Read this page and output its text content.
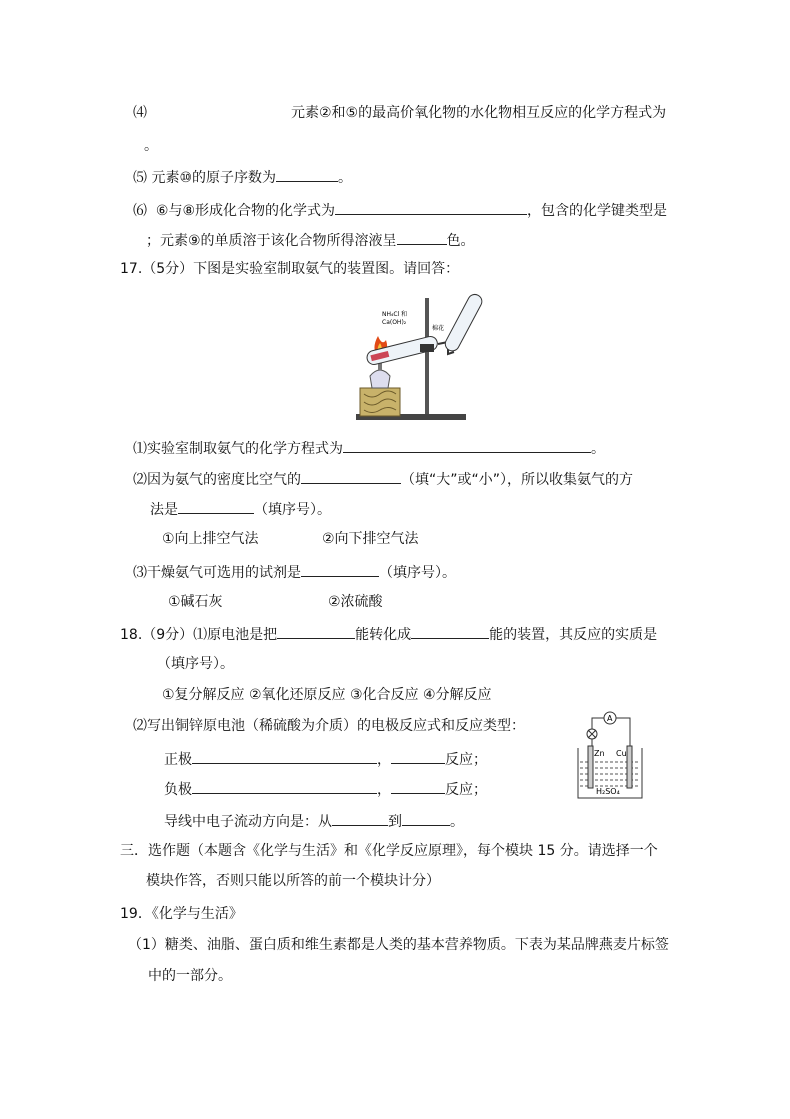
⑷	元素②和⑤的最高价氧化物的水化物相互反应的化学方程式为
。
⑸ 元素⑩的原子序数为	。
⑹ ⑥与⑧形成化合物的化学式为	，包含的化学键类型是
；元素⑨的单质溶于该化合物所得溶液呈	色。
17.（5分）下图是实验室制取氨气的装置图。请回答：
NH₄Cl 和
Ca(OH)₂
棉花
⑴实验室制取氨气的化学方程式为	。
⑵因为氨气的密度比空气的	（填“大”或“小”），所以收集氨气的方
法是	（填序号）。
①向上排空气法	②向下排空气法
⑶干燥氨气可选用的试剂是	（填序号）。
①碱石灰	②浓硫酸
18.（9分）⑴原电池是把	能转化成	能的装置，其反应的实质是
（填序号）。
①复分解反应 ②氧化还原反应 ③化合反应 ④分解反应
⑵写出铜锌原电池（稀硫酸为介质）的电极反应式和反应类型：
正极	，	反应；
负极	，	反应；
导线中电子流动方向是：从	到	。
A
Zn Cu
H₂SO₄
三．选作题（本题含《化学与生活》和《化学反应原理》，每个模块 15 分。请选择一个
模块作答，否则只能以所答的前一个模块计分）
19．《化学与生活》
（1）糖类、油脂、蛋白质和维生素都是人类的基本营养物质。下表为某品牌燕麦片标签
中的一部分。
